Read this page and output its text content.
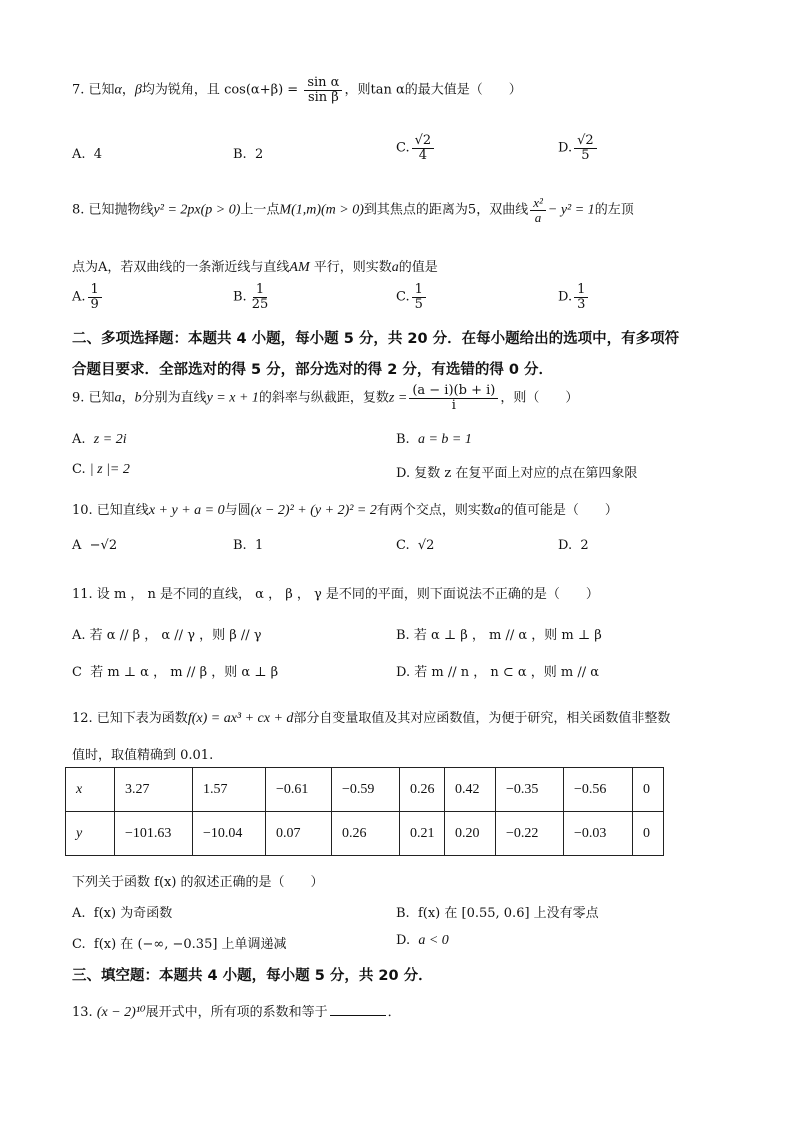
7. 已知α，β均为锐角，且 $\cos(\alpha+\beta) = \frac{\text{sin α}}{\text{sin β}}$ ，则tan α的最大值是（　　）
A. 4	B. 2	C. $\frac{√2}{4}$	D. $\frac{√2}{5}$
8. 已知抛物线y² = 2px(p > 0)上一点M(1,m)(m > 0)到其焦点的距离为5，双曲线 $\frac{\text{x²}}{a} - y^2 = 1$的左顶
点为A，若双曲线的一条渐近线与直线AM 平行，则实数a的值是
A. $\frac{1}{9}$	B. $\frac{1}{25}$	C. $\frac{1}{5}$	D. $\frac{1}{3}$
二、多项选择题：本题共 4 小题，每小题 5 分，共 20 分．在每小题给出的选项中，有多项符
合题目要求．全部选对的得 5 分，部分选对的得 2 分，有选错的得 0 分．
9. 已知a，b分别为直线y = x + 1的斜率与纵截距，复数$z = \frac{(a - i)(b + i)}{i}$ ，则（　　）
A. z = 2i	B. a = b = 1
C. | z |= 2	D. 复数 z 在复平面上对应的点在第四象限
10. 已知直线x + y + a = 0与圆(x − 2)² + (y + 2)² = 2有两个交点，则实数a的值可能是（　　）
A −√2	B. 1	C. √2	D. 2
11. 设 m ， n 是不同的直线， α ， β ， γ 是不同的平面，则下面说法不正确的是（　　）
A. 若 α // β ， α // γ ，则 β // γ	B. 若 α ⊥ β ， m // α ，则 m ⊥ β
C 若 m ⊥ α ， m // β ，则 α ⊥ β	D. 若 m // n ， n ⊂ α ，则 m // α
12. 已知下表为函数f(x) = ax³ + cx + d部分自变量取值及其对应函数值，为便于研究，相关函数值非整数
值时，取值精确到 0.01.
x	3.27	1.57	−0.61	−0.59	0.26	0.42	−0.35	−0.56	0
y	−101.63	−10.04	0.07	0.26	0.21	0.20	−0.22	−0.03	0
下列关于函数 f(x) 的叙述正确的是（　　）
A. f(x) 为奇函数	B. f(x) 在 [0.55, 0.6] 上没有零点
C. f(x) 在 (−∞, −0.35] 上单调递减	D. a < 0
三、填空题：本题共 4 小题，每小题 5 分，共 20 分．
13. (x − 2)¹⁰展开式中，所有项的系数和等于	．
